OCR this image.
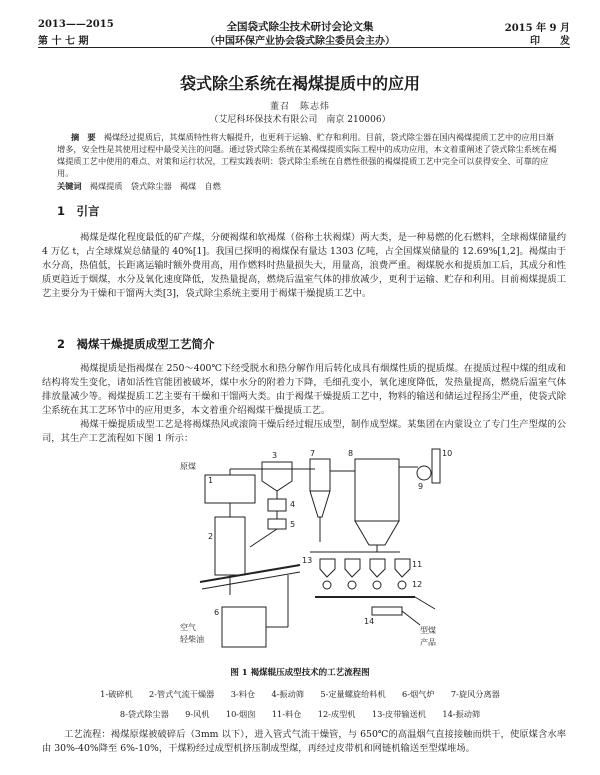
2013——2015
第 十 七 期
全国袋式除尘技术研讨会论文集
（中国环保产业协会袋式除尘委员会主办）
2015 年 9 月
印　　发
袋式除尘系统在褐煤提质中的应用
董召　陈志炜
（艾尼科环保技术有限公司　南京 210006）
摘　要　 褐煤经过提质后，其煤质特性将大幅提升，也更利于运输、贮存和利用。目前，袋式除尘器在国内褐煤提质工艺中的应用日渐增多，安全性是其使用过程中最受关注的问题。通过袋式除尘系统在某褐煤提质实际工程中的成功应用，本文着重阐述了袋式除尘系统在褐煤提质工艺中使用的难点、对策和运行状况，工程实践表明：袋式除尘系统在自燃性很强的褐煤提质工艺中完全可以获得安全、可靠的应用。
关键词　 褐煤提质　袋式除尘器　褐煤　自燃
1　引言
褐煤是煤化程度最低的矿产煤，分硬褐煤和软褐煤（俗称土状褐煤）两大类，是一种易燃的化石燃料，全球褐煤储量约 4 万亿 t，占全球煤炭总储量的 40%[1]。我国已探明的褐煤保有量达 1303 亿吨，占全国煤炭储量的 12.69%[1,2]。褐煤由于水分高，热值低，长距离运输时额外费用高，用作燃料时热量损失大，用量高，浪费严重。褐煤脱水和提质加工后，其成分和性质更趋近于烟煤，水分及氧化速度降低，发热量提高，燃烧后温室气体的排放减少，更利于运输、贮存和利用。目前褐煤提质工艺主要分为干燥和干馏两大类[3]，袋式除尘系统主要用于褐煤干燥提质工艺中。
2　褐煤干燥提质成型工艺简介
褐煤提质是指褐煤在 250～400℃下经受脱水和热分解作用后转化成具有烟煤性质的提质煤。在提质过程中煤的组成和结构将发生变化，诸如活性官能团被破坏，煤中水分的附着力下降，毛细孔变小，氧化速度降低，发热量提高，燃烧后温室气体排放量减少等。褐煤提质工艺主要有干燥和干馏两大类。由于褐煤干燥提质工艺中，物料的输送和储运过程扬尘严重，使袋式除尘系统在其工艺环节中的应用更多，本文着重介绍褐煤干燥提质工艺。
褐煤干燥提质成型工艺是将褐煤热风或滚筒干燥后经过辊压成型，制作成型煤。某集团在内蒙设立了专门生产型煤的公司，其生产工艺流程如下图 1 所示：
原煤
空气
轻柴油
型煤
产品
1
2
3
4
5
6
7	8
9
10
11
12
13
14
图 1 褐煤辊压成型技术的工艺流程图
1-破碎机　　2-管式气流干燥器　　3-料仓　　4-振动筛　　5-定量螺旋给料机　　6-烟气炉　　7-旋风分离器
8-袋式除尘器　　9-风机　　10-烟囱　　11-料仓　　12-成型机　　13-皮带输送机　　14-振动筛
工艺流程：褐煤原煤被破碎后（3mm 以下），进入管式气流干燥管，与 650℃的高温烟气直接接触而烘干，使原煤含水率由 30%-40%降至 6%-10%，干煤粉经过成型机挤压制成型煤，再经过皮带机和网链机输送至型煤堆场。
